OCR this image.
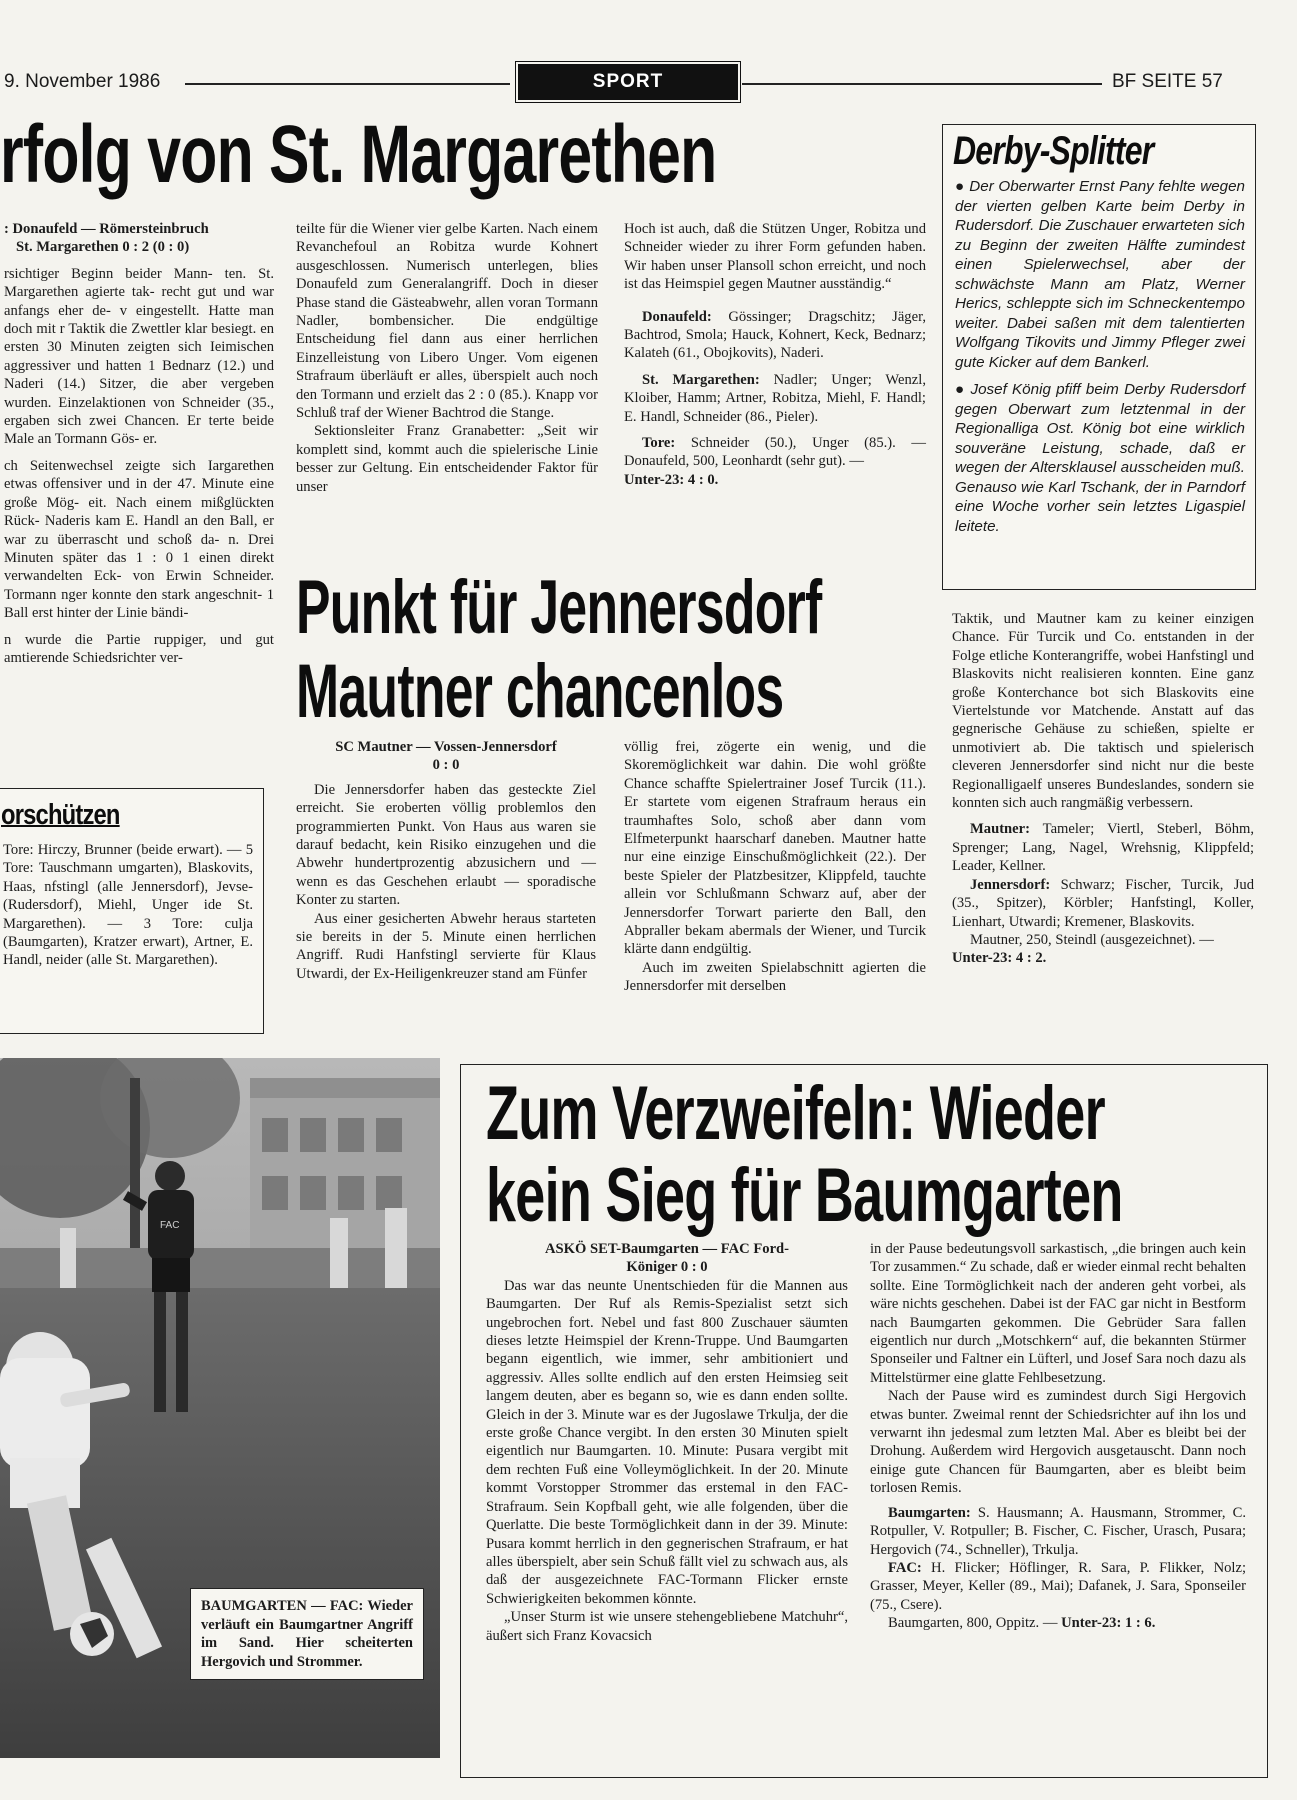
9. November 1986	SPORT	BF SEITE 57
rfolg von St. Margarethen

: Donaufeld — Römersteinbruch

St. Margarethen 0 : 2 (0 : 0)

rsichtiger Beginn beider Mann- ten. St. Margarethen agierte tak- recht gut und war anfangs eher de- v eingestellt. Hatte man doch mit r Taktik die Zwettler klar besiegt. en ersten 30 Minuten zeigten sich Ieimischen aggressiver und hatten 1 Bednarz (12.) und Naderi (14.) Sitzer, die aber vergeben wurden. Einzelaktionen von Schneider (35., ergaben sich zwei Chancen. Er terte beide Male an Tormann Gös- er.

ch Seitenwechsel zeigte sich Iargarethen etwas offensiver und in der 47. Minute eine große Mög- eit. Nach einem mißglückten Rück- Naderis kam E. Handl an den Ball, er war zu überrascht und schoß da- n. Drei Minuten später das 1 : 0 1 einen direkt verwandelten Eck- von Erwin Schneider. Tormann nger konnte den stark angeschnit- 1 Ball erst hinter der Linie bändi-

n wurde die Partie ruppiger, und gut amtierende Schiedsrichter ver-

teilte für die Wiener vier gelbe Karten. Nach einem Revanchefoul an Robitza wurde Kohnert ausgeschlossen. Numerisch unterlegen, blies Donaufeld zum Generalangriff. Doch in dieser Phase stand die Gästeabwehr, allen voran Tormann Nadler, bombensicher. Die endgültige Entscheidung fiel dann aus einer herrlichen Einzelleistung von Libero Unger. Vom eigenen Strafraum überläuft er alles, überspielt auch noch den Tormann und erzielt das 2 : 0 (85.). Knapp vor Schluß traf der Wiener Bachtrod die Stange.

Sektionsleiter Franz Granabetter: „Seit wir komplett sind, kommt auch die spielerische Linie besser zur Geltung. Ein entscheidender Faktor für unser

Hoch ist auch, daß die Stützen Unger, Robitza und Schneider wieder zu ihrer Form gefunden haben. Wir haben unser Plansoll schon erreicht, und noch ist das Heimspiel gegen Mautner ausständig.“

Donaufeld: Gössinger; Dragschitz; Jäger, Bachtrod, Smola; Hauck, Kohnert, Keck, Bednarz; Kalateh (61., Obojkovits), Naderi.

St. Margarethen: Nadler; Unger; Wenzl, Kloiber, Hamm; Artner, Robitza, Miehl, F. Handl; E. Handl, Schneider (86., Pieler).

Tore: Schneider (50.), Unger (85.). — Donaufeld, 500, Leonhardt (sehr gut). —

Unter-23: 4 : 0.

Derby-Splitter

● Der Oberwarter Ernst Pany fehlte wegen der vierten gelben Karte beim Derby in Rudersdorf. Die Zuschauer erwarteten sich zu Beginn der zweiten Hälfte zumindest einen Spielerwechsel, aber der schwächste Mann am Platz, Werner Herics, schleppte sich im Schneckentempo weiter. Dabei saßen mit dem talentierten Wolfgang Tikovits und Jimmy Pfleger zwei gute Kicker auf dem Bankerl.

● Josef König pfiff beim Derby Rudersdorf gegen Oberwart zum letztenmal in der Regionalliga Ost. König bot eine wirklich souveräne Leistung, schade, daß er wegen der Altersklausel ausscheiden muß. Genauso wie Karl Tschank, der in Parndorf eine Woche vorher sein letztes Ligaspiel leitete.

orschützen

Tore: Hirczy, Brunner (beide erwart). — 5 Tore: Tauschmann umgarten), Blaskovits, Haas, nfstingl (alle Jennersdorf), Jevse- (Rudersdorf), Miehl, Unger ide St. Margarethen). — 3 Tore: culja (Baumgarten), Kratzer erwart), Artner, E. Handl, neider (alle St. Margarethen).

Punkt für Jennersdorf
Mautner chancenlos

SC Mautner — Vossen-Jennersdorf

0 : 0

Die Jennersdorfer haben das gesteckte Ziel erreicht. Sie eroberten völlig problemlos den programmierten Punkt. Von Haus aus waren sie darauf bedacht, kein Risiko einzugehen und die Abwehr hundertprozentig abzusichern und — wenn es das Geschehen erlaubt — sporadische Konter zu starten.

Aus einer gesicherten Abwehr heraus starteten sie bereits in der 5. Minute einen herrlichen Angriff. Rudi Hanfstingl servierte für Klaus Utwardi, der Ex-Heiligenkreuzer stand am Fünfer

völlig frei, zögerte ein wenig, und die Skoremöglichkeit war dahin. Die wohl größte Chance schaffte Spielertrainer Josef Turcik (11.). Er startete vom eigenen Strafraum heraus ein traumhaftes Solo, schoß aber dann vom Elfmeterpunkt haarscharf daneben. Mautner hatte nur eine einzige Einschußmöglichkeit (22.). Der beste Spieler der Platzbesitzer, Klippfeld, tauchte allein vor Schlußmann Schwarz auf, aber der Jennersdorfer Torwart parierte den Ball, den Abpraller bekam abermals der Wiener, und Turcik klärte dann endgültig.

Auch im zweiten Spielabschnitt agierten die Jennersdorfer mit derselben

Taktik, und Mautner kam zu keiner einzigen Chance. Für Turcik und Co. entstanden in der Folge etliche Konterangriffe, wobei Hanfstingl und Blaskovits nicht realisieren konnten. Eine ganz große Konterchance bot sich Blaskovits eine Viertelstunde vor Matchende. Anstatt auf das gegnerische Gehäuse zu schießen, spielte er unmotiviert ab. Die taktisch und spielerisch cleveren Jennersdorfer sind nicht nur die beste Regionalligaelf unseres Bundeslandes, sondern sie konnten sich auch rangmäßig verbessern.

Mautner: Tameler; Viertl, Steberl, Böhm, Sprenger; Lang, Nagel, Wrehsnig, Klippfeld; Leader, Kellner.

Jennersdorf: Schwarz; Fischer, Turcik, Jud (35., Spitzer), Körbler; Hanfstingl, Koller, Lienhart, Utwardi; Kremener, Blaskovits.

Mautner, 250, Steindl (ausgezeichnet). —

Unter-23: 4 : 2.

FAC
BAUMGARTEN — FAC: Wieder verläuft ein Baumgartner Angriff im Sand. Hier scheiterten Hergovich und Strommer.
Zum Verzweifeln: Wieder
kein Sieg für Baumgarten

ASKÖ SET-Baumgarten — FAC Ford-

Königer 0 : 0

Das war das neunte Unentschieden für die Mannen aus Baumgarten. Der Ruf als Remis-Spezialist setzt sich ungebrochen fort. Nebel und fast 800 Zuschauer säumten dieses letzte Heimspiel der Krenn-Truppe. Und Baumgarten begann eigentlich, wie immer, sehr ambitioniert und aggressiv. Alles sollte endlich auf den ersten Heimsieg seit langem deuten, aber es begann so, wie es dann enden sollte. Gleich in der 3. Minute war es der Jugoslawe Trkulja, der die erste große Chance vergibt. In den ersten 30 Minuten spielt eigentlich nur Baumgarten. 10. Minute: Pusara vergibt mit dem rechten Fuß eine Volleymöglichkeit. In der 20. Minute kommt Vorstopper Strommer das erstemal in den FAC-Strafraum. Sein Kopfball geht, wie alle folgenden, über die Querlatte. Die beste Tormöglichkeit dann in der 39. Minute: Pusara kommt herrlich in den gegnerischen Strafraum, er hat alles überspielt, aber sein Schuß fällt viel zu schwach aus, als daß der ausgezeichnete FAC-Tormann Flicker ernste Schwierigkeiten bekommen könnte.

„Unser Sturm ist wie unsere stehengebliebene Matchuhr“, äußert sich Franz Kovacsich

in der Pause bedeutungsvoll sarkastisch, „die bringen auch kein Tor zusammen.“ Zu schade, daß er wieder einmal recht behalten sollte. Eine Tormöglichkeit nach der anderen geht vorbei, als wäre nichts geschehen. Dabei ist der FAC gar nicht in Bestform nach Baumgarten gekommen. Die Gebrüder Sara fallen eigentlich nur durch „Motschkern“ auf, die bekannten Stürmer Sponseiler und Faltner ein Lüfterl, und Josef Sara noch dazu als Mittelstürmer eine glatte Fehlbesetzung.

Nach der Pause wird es zumindest durch Sigi Hergovich etwas bunter. Zweimal rennt der Schiedsrichter auf ihn los und verwarnt ihn jedesmal zum letzten Mal. Aber es bleibt bei der Drohung. Außerdem wird Hergovich ausgetauscht. Dann noch einige gute Chancen für Baumgarten, aber es bleibt beim torlosen Remis.

Baumgarten: S. Hausmann; A. Hausmann, Strommer, C. Rotpuller, V. Rotpuller; B. Fischer, C. Fischer, Urasch, Pusara; Hergovich (74., Schneller), Trkulja.

FAC: H. Flicker; Höflinger, R. Sara, P. Flikker, Nolz; Grasser, Meyer, Keller (89., Mai); Dafanek, J. Sara, Sponseiler (75., Csere).

Baumgarten, 800, Oppitz. — Unter-23: 1 : 6.
